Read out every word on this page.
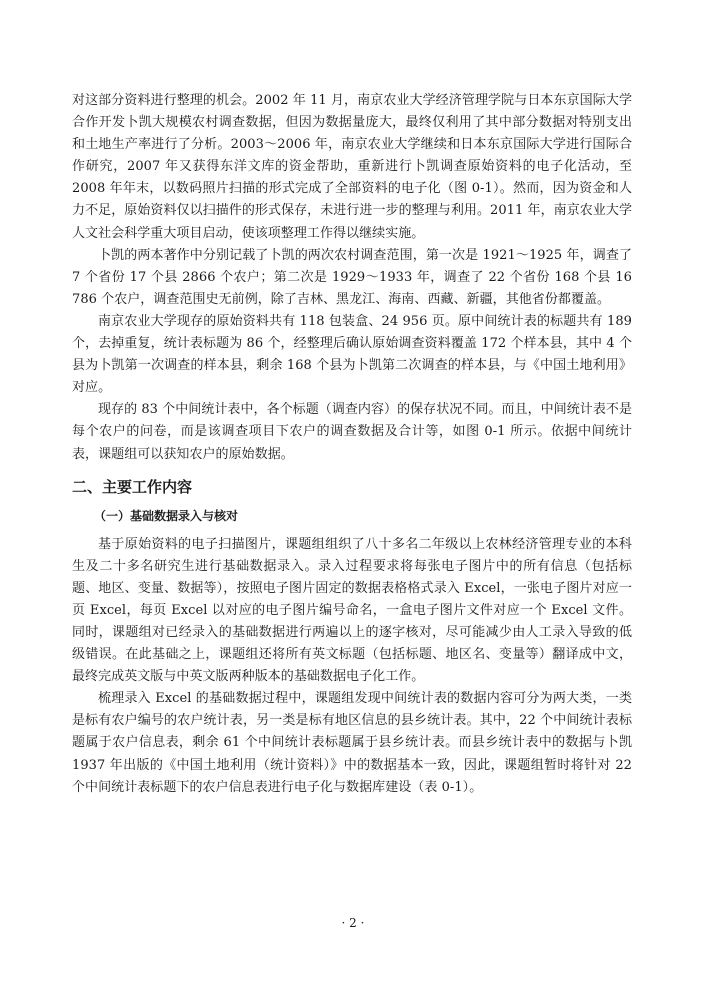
对这部分资料进行整理的机会。2002 年 11 月，南京农业大学经济管理学院与日本东京国际大学合作开发卜凯大规模农村调查数据，但因为数据量庞大，最终仅利用了其中部分数据对特别支出和土地生产率进行了分析。2003～2006 年，南京农业大学继续和日本东京国际大学进行国际合作研究，2007 年又获得东洋文库的资金帮助，重新进行卜凯调查原始资料的电子化活动，至 2008 年年末，以数码照片扫描的形式完成了全部资料的电子化（图 0-1）。然而，因为资金和人力不足，原始资料仅以扫描件的形式保存，未进行进一步的整理与利用。2011 年，南京农业大学人文社会科学重大项目启动，使该项整理工作得以继续实施。

卜凯的两本著作中分别记载了卜凯的两次农村调查范围，第一次是 1921～1925 年，调查了 7 个省份 17 个县 2866 个农户；第二次是 1929～1933 年，调查了 22 个省份 168 个县 16 786 个农户，调查范围史无前例，除了吉林、黑龙江、海南、西藏、新疆，其他省份都覆盖。

南京农业大学现存的原始资料共有 118 包装盒、24 956 页。原中间统计表的标题共有 189 个，去掉重复，统计表标题为 86 个，经整理后确认原始调查资料覆盖 172 个样本县，其中 4 个县为卜凯第一次调查的样本县，剩余 168 个县为卜凯第二次调查的样本县，与《中国土地利用》对应。

现存的 83 个中间统计表中，各个标题（调查内容）的保存状况不同。而且，中间统计表不是每个农户的问卷，而是该调查项目下农户的调查数据及合计等，如图 0-1 所示。依据中间统计表，课题组可以获知农户的原始数据。

二、主要工作内容
（一）基础数据录入与核对

基于原始资料的电子扫描图片，课题组组织了八十多名二年级以上农林经济管理专业的本科生及二十多名研究生进行基础数据录入。录入过程要求将每张电子图片中的所有信息（包括标题、地区、变量、数据等），按照电子图片固定的数据表格格式录入 Excel，一张电子图片对应一页 Excel，每页 Excel 以对应的电子图片编号命名，一盒电子图片文件对应一个 Excel 文件。同时，课题组对已经录入的基础数据进行两遍以上的逐字核对，尽可能减少由人工录入导致的低级错误。在此基础之上，课题组还将所有英文标题（包括标题、地区名、变量等）翻译成中文，最终完成英文版与中英文版两种版本的基础数据电子化工作。

梳理录入 Excel 的基础数据过程中，课题组发现中间统计表的数据内容可分为两大类，一类是标有农户编号的农户统计表，另一类是标有地区信息的县乡统计表。其中，22 个中间统计表标题属于农户信息表，剩余 61 个中间统计表标题属于县乡统计表。而县乡统计表中的数据与卜凯 1937 年出版的《中国土地利用（统计资料）》中的数据基本一致，因此，课题组暂时将针对 22 个中间统计表标题下的农户信息表进行电子化与数据库建设（表 0-1）。

· 2 ·
